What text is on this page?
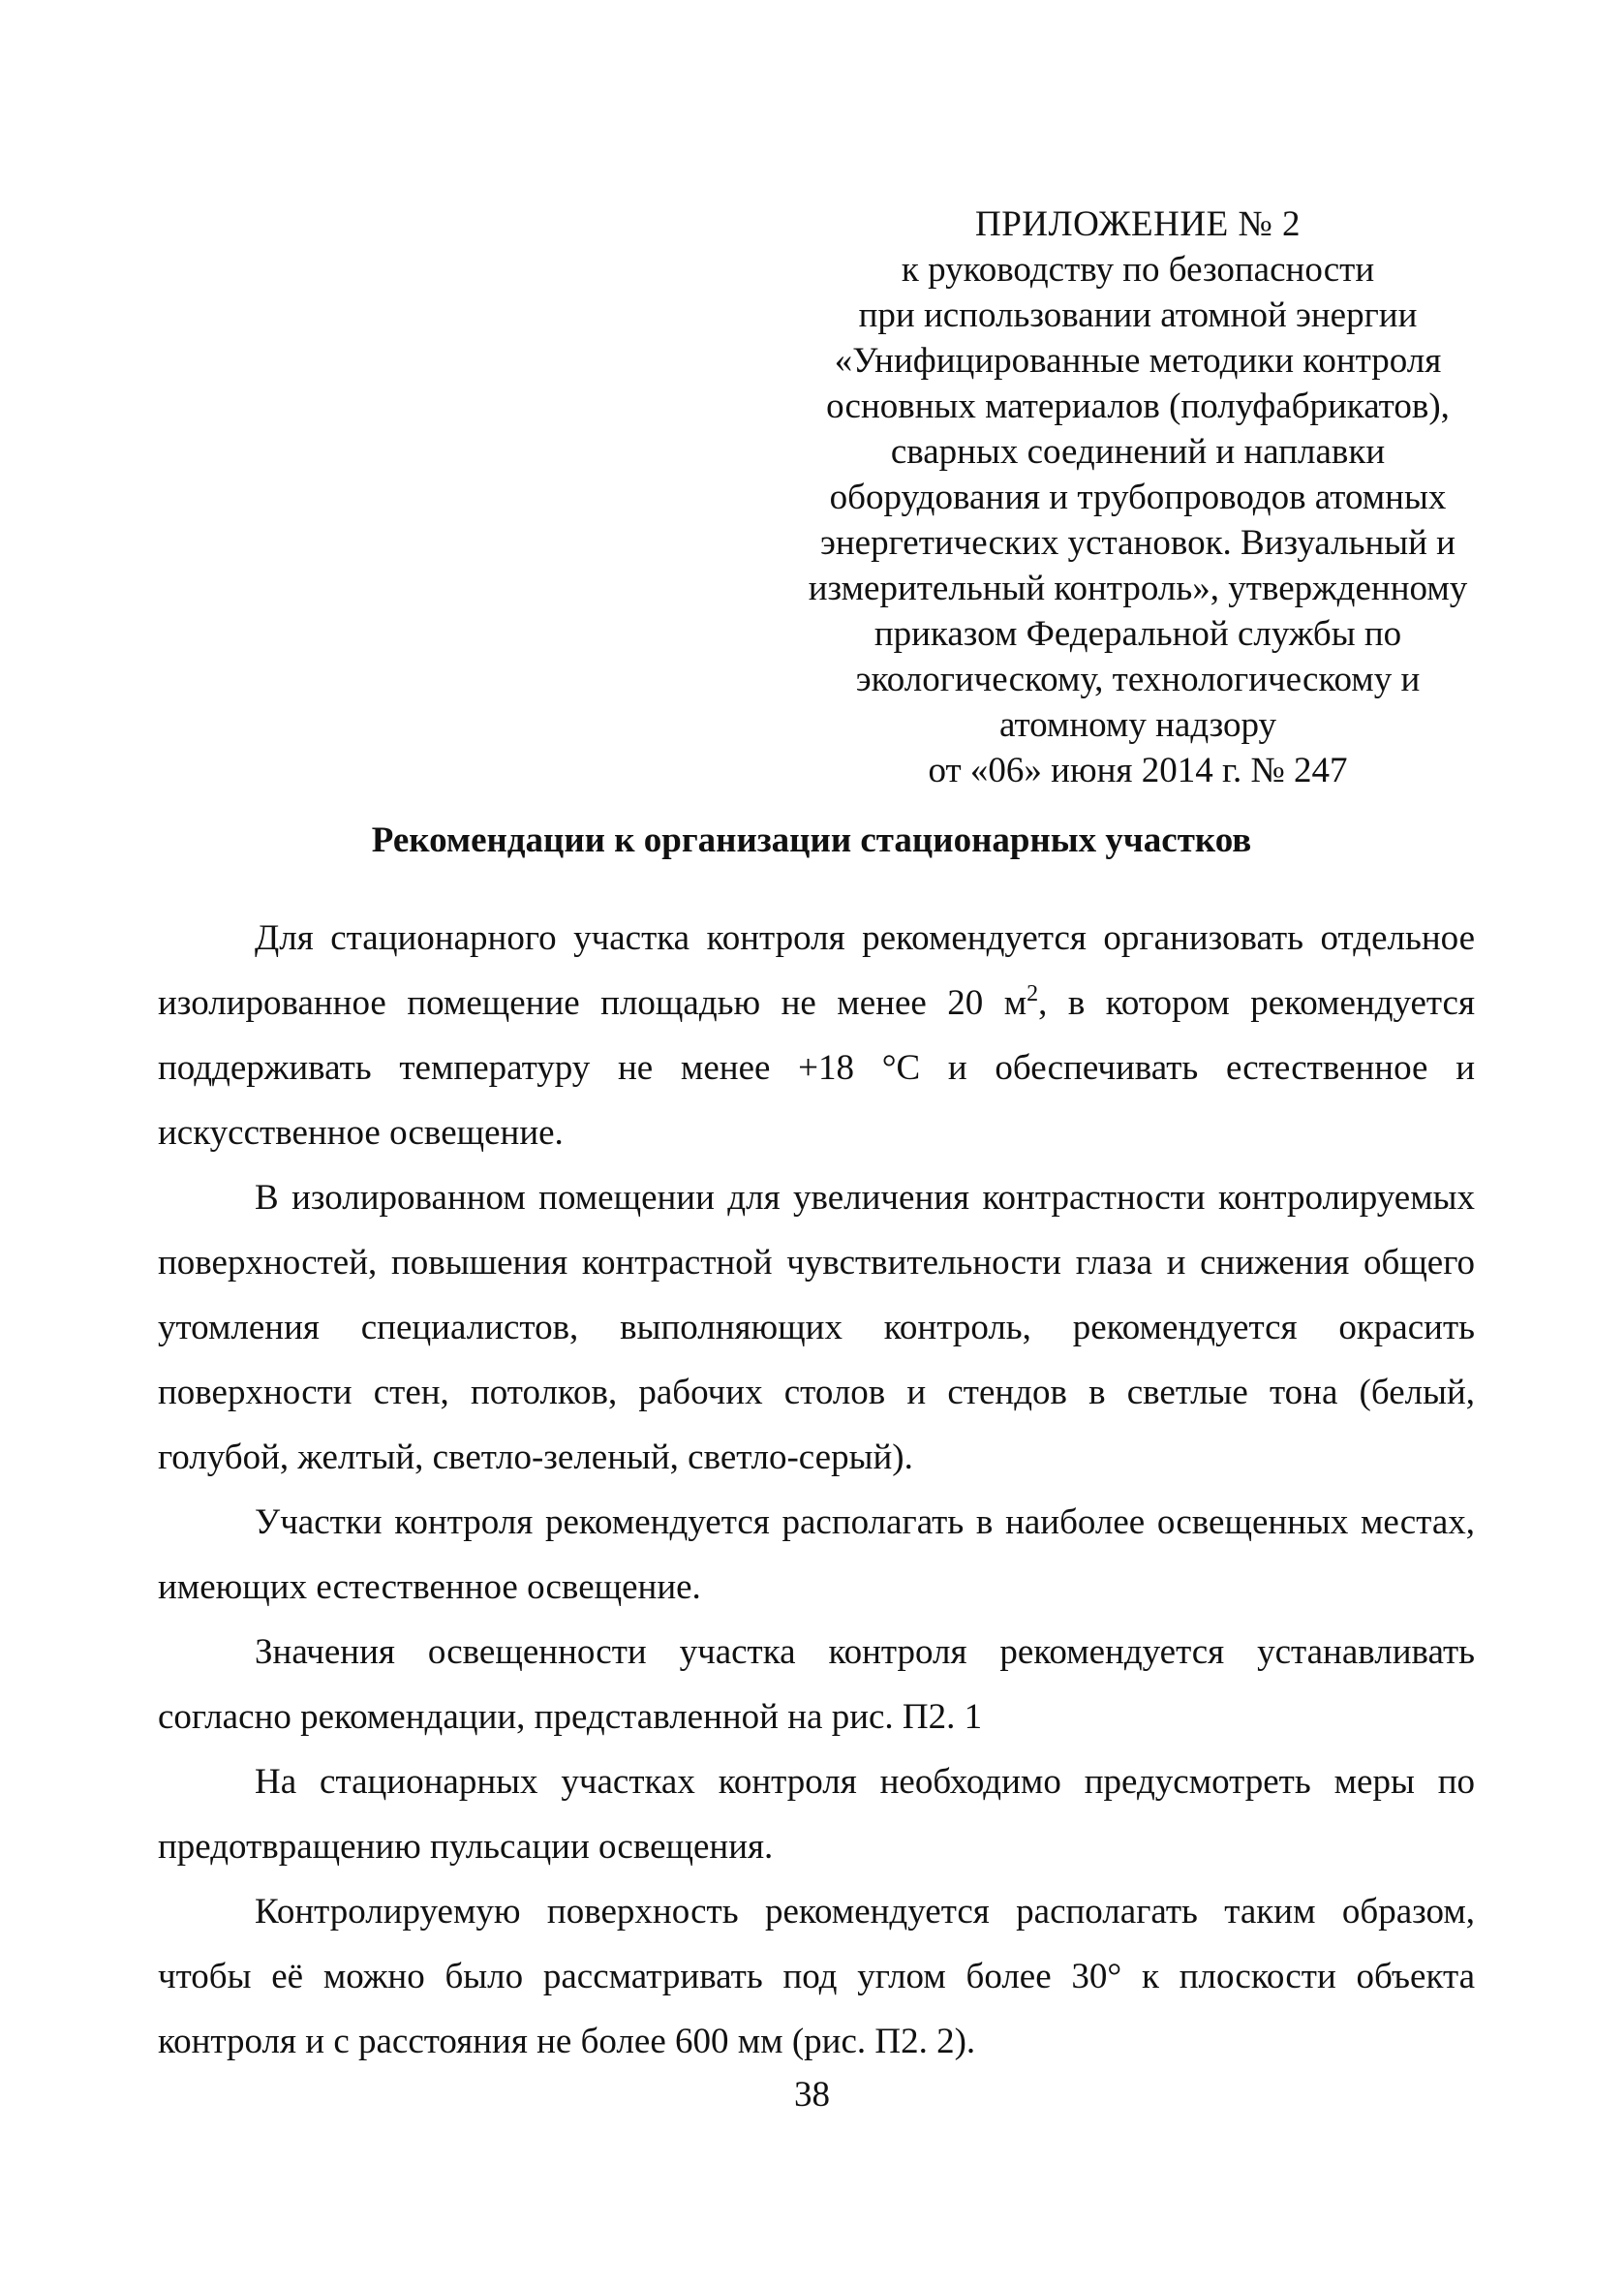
ПРИЛОЖЕНИЕ № 2
к руководству по безопасности
при использовании атомной энергии
«Унифицированные методики контроля
основных материалов (полуфабрикатов),
сварных соединений и наплавки
оборудования и трубопроводов атомных
энергетических установок. Визуальный и
измерительный контроль», утвержденному
приказом Федеральной службы по
экологическому, технологическому и
атомному надзору
от «06» июня 2014 г. № 247
Рекомендации к организации стационарных участков

Для стационарного участка контроля рекомендуется организовать отдельное изолированное помещение площадью не менее 20 $м^2$, в котором рекомендуется поддерживать температуру не менее +18 °С и обеспечивать естественное и искусственное освещение.

В изолированном помещении для увеличения контрастности контролируемых поверхностей, повышения контрастной чувствительности глаза и снижения общего утомления специалистов, выполняющих контроль, рекомендуется окрасить поверхности стен, потолков, рабочих столов и стендов в светлые тона (белый, голубой, желтый, светло-зеленый, светло-серый).

Участки контроля рекомендуется располагать в наиболее освещенных местах, имеющих естественное освещение.

Значения освещенности участка контроля рекомендуется устанавливать согласно рекомендации, представленной на рис. П2. 1

На стационарных участках контроля необходимо предусмотреть меры по предотвращению пульсации освещения.

Контролируемую поверхность рекомендуется располагать таким образом, чтобы её можно было рассматривать под углом более 30° к плоскости объекта контроля и с расстояния не более 600 мм (рис. П2. 2).

38
